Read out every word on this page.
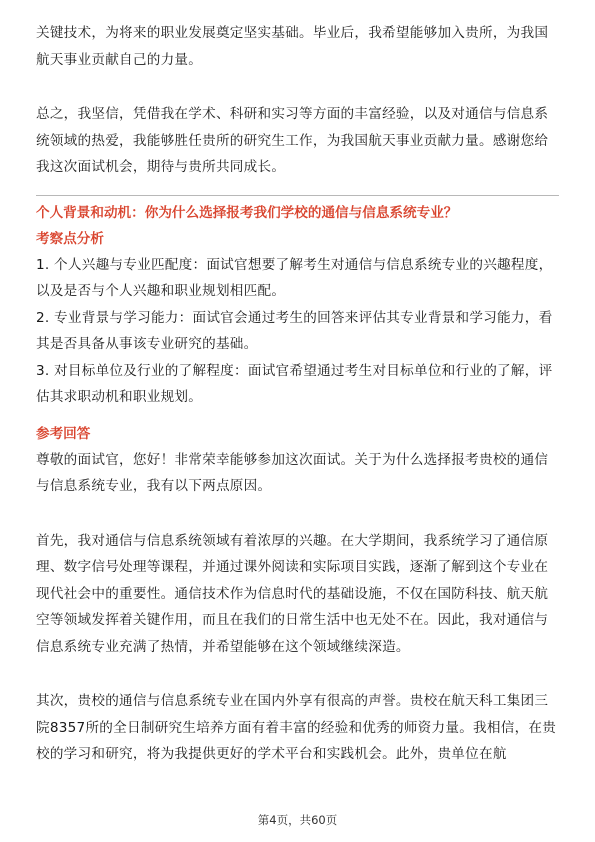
关键技术，为将来的职业发展奠定坚实基础。毕业后，我希望能够加入贵所，为我国航天事业贡献自己的力量。

总之，我坚信，凭借我在学术、科研和实习等方面的丰富经验，以及对通信与信息系统领域的热爱，我能够胜任贵所的研究生工作，为我国航天事业贡献力量。感谢您给我这次面试机会，期待与贵所共同成长。

个人背景和动机：你为什么选择报考我们学校的通信与信息系统专业？

考察点分析

1. 个人兴趣与专业匹配度：面试官想要了解考生对通信与信息系统专业的兴趣程度，以及是否与个人兴趣和职业规划相匹配。

2. 专业背景与学习能力：面试官会通过考生的回答来评估其专业背景和学习能力，看其是否具备从事该专业研究的基础。

3. 对目标单位及行业的了解程度：面试官希望通过考生对目标单位和行业的了解，评估其求职动机和职业规划。

参考回答

尊敬的面试官，您好！非常荣幸能够参加这次面试。关于为什么选择报考贵校的通信与信息系统专业，我有以下两点原因。

首先，我对通信与信息系统领域有着浓厚的兴趣。在大学期间，我系统学习了通信原理、数字信号处理等课程，并通过课外阅读和实际项目实践，逐渐了解到这个专业在现代社会中的重要性。通信技术作为信息时代的基础设施，不仅在国防科技、航天航空等领域发挥着关键作用，而且在我们的日常生活中也无处不在。因此，我对通信与信息系统专业充满了热情，并希望能够在这个领域继续深造。

其次，贵校的通信与信息系统专业在国内外享有很高的声誉。贵校在航天科工集团三院8357所的全日制研究生培养方面有着丰富的经验和优秀的师资力量。我相信，在贵校的学习和研究，将为我提供更好的学术平台和实践机会。此外，贵单位在航

第4页，共60页
